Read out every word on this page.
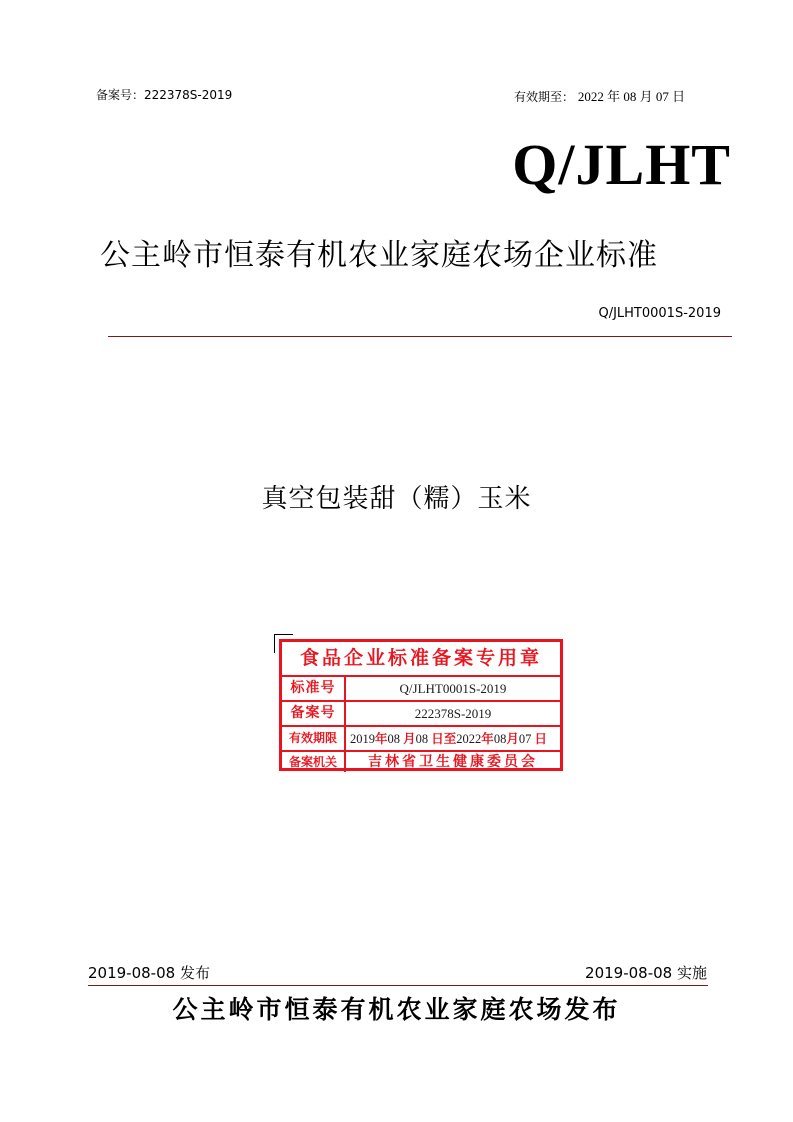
备案号：222378S-2019	有效期至： 2022 年 08 月 07 日
Q/JLHT
公主岭市恒泰有机农业家庭农场企业标准
Q/JLHT0001S-2019
真空包装甜（糯）玉米
食品企业标准备案专用章
标准号	Q/JLHT0001S-2019
备案号	222378S-2019
有效期限	2019年08 月08 日至2022年08月07 日
备案机关	吉林省卫生健康委员会
2019-08-08 发布	2019-08-08 实施
公主岭市恒泰有机农业家庭农场发布
